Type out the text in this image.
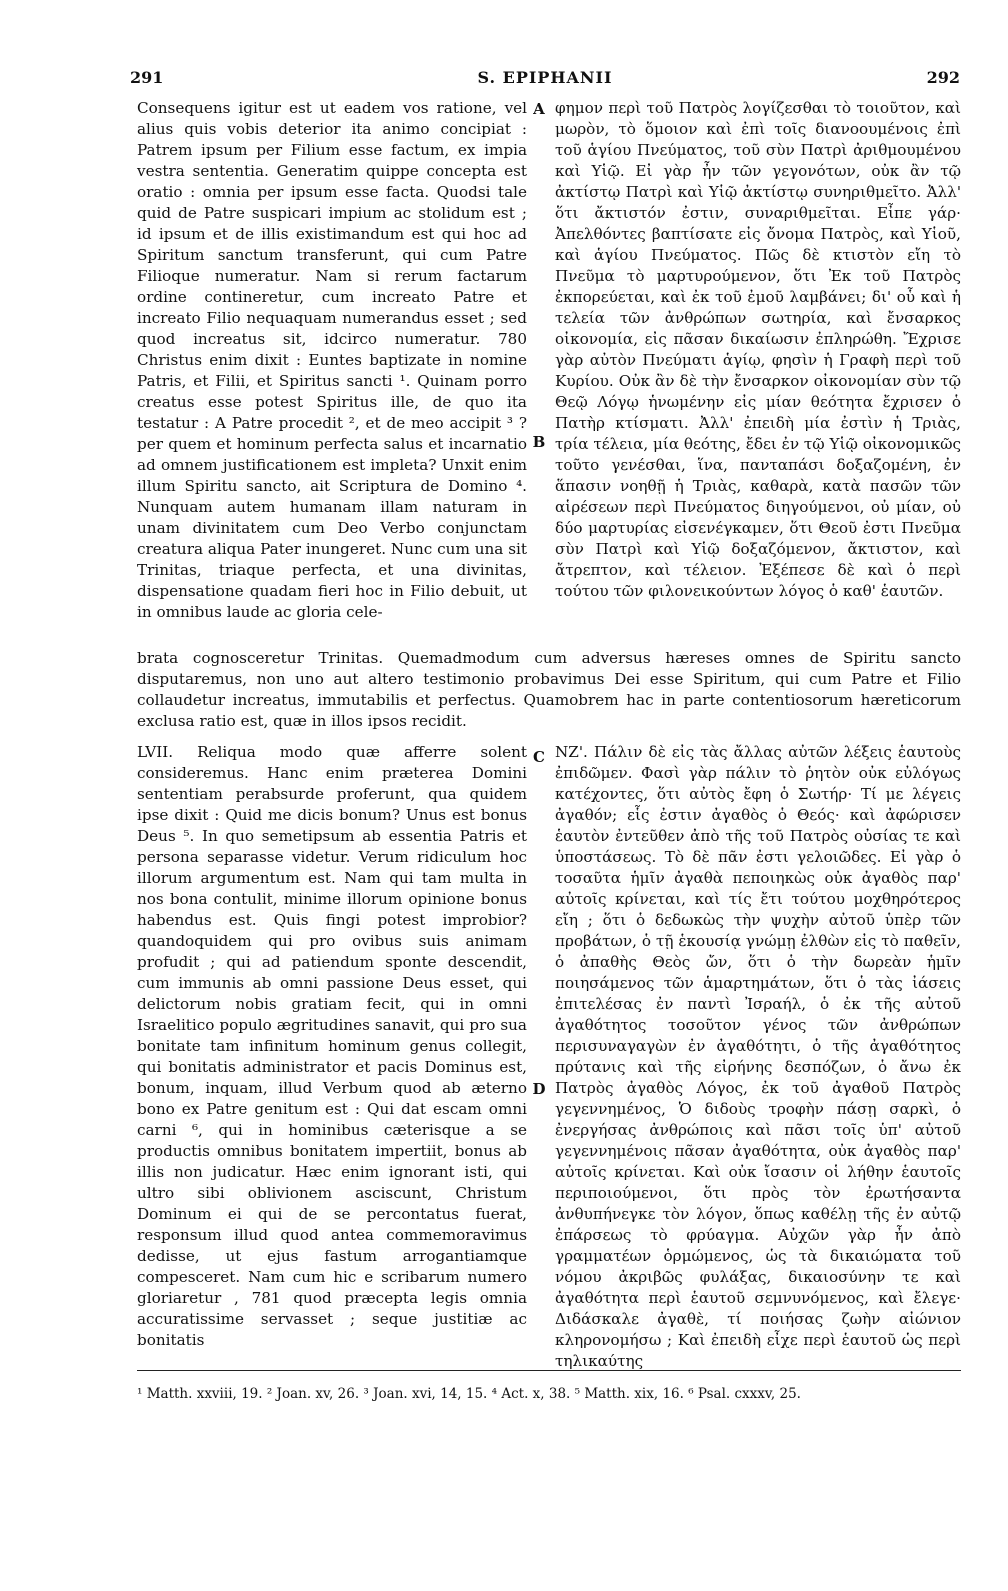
291	S. EPIPHANII	292

Consequens igitur est ut eadem vos ratione, vel alius quis vobis deterior ita animo concipiat : Patrem ipsum per Filium esse factum, ex impia vestra sententia. Generatim quippe concepta est oratio : omnia per ipsum esse facta. Quodsi tale quid de Patre suspicari impium ac stolidum est ; id ipsum et de illis existimandum est qui hoc ad Spiritum sanctum transferunt, qui cum Patre Filioque numeratur. Nam si rerum factarum ordine contineretur, cum increato Patre et increato Filio nequaquam numerandus esset ; sed quod increatus sit, idcirco numeratur. 780 Christus enim dixit : Euntes baptizate in nomine Patris, et Filii, et Spiritus sancti ¹. Quinam porro creatus esse potest Spiritus ille, de quo ita testatur : A Patre procedit ², et de meo accipit ³ ? per quem et hominum perfecta salus et incarnatio ad omnem justificationem est impleta? Unxit enim illum Spiritu sancto, ait Scriptura de Domino ⁴. Nunquam autem humanam illam naturam in unam divinitatem cum Deo Verbo conjunctam creatura aliqua Pater inungeret. Nunc cum una sit Trinitas, triaque perfecta, et una divinitas, dispensatione quadam fieri hoc in Filio debuit, ut in omnibus laude ac gloria cele-

φημον περὶ τοῦ Πατρὸς λογίζεσθαι τὸ τοιοῦτον, καὶ μωρὸν, τὸ ὅμοιον καὶ ἐπὶ τοῖς διανοουμένοις ἐπὶ τοῦ ἁγίου Πνεύματος, τοῦ σὺν Πατρὶ ἀριθμουμένου καὶ Υἱῷ. Εἰ γὰρ ἦν τῶν γεγονότων, οὐκ ἂν τῷ ἀκτίστῳ Πατρὶ καὶ Υἱῷ ἀκτίστῳ συνηριθμεῖτο. Ἀλλ' ὅτι ἄκτιστόν ἐστιν, συναριθμεῖται. Εἶπε γάρ· Ἀπελθόντες βαπτίσατε εἰς ὄνομα Πατρὸς, καὶ Υἱοῦ, καὶ ἁγίου Πνεύματος. Πῶς δὲ κτιστὸν εἴη τὸ Πνεῦμα τὸ μαρτυρούμενον, ὅτι Ἐκ τοῦ Πατρὸς ἐκπορεύεται, καὶ ἐκ τοῦ ἐμοῦ λαμβάνει; δι' οὗ καὶ ἡ τελεία τῶν ἀνθρώπων σωτηρία, καὶ ἔνσαρκος οἰκονομία, εἰς πᾶσαν δικαίωσιν ἐπληρώθη. Ἔχρισε γὰρ αὐτὸν Πνεύματι ἁγίῳ, φησὶν ἡ Γραφὴ περὶ τοῦ Κυρίου. Οὐκ ἂν δὲ τὴν ἔνσαρκον οἰκονομίαν σὺν τῷ Θεῷ Λόγῳ ἡνωμένην εἰς μίαν θεότητα ἔχρισεν ὁ Πατὴρ κτίσματι. Ἀλλ' ἐπειδὴ μία ἐστὶν ἡ Τριὰς, τρία τέλεια, μία θεότης, ἔδει ἐν τῷ Υἱῷ οἰκονομικῶς τοῦτο γενέσθαι, ἵνα, πανταπάσι δοξαζομένη, ἐν ἅπασιν νοηθῇ ἡ Τριὰς, καθαρὰ, κατὰ πασῶν τῶν αἱρέσεων περὶ Πνεύματος διηγούμενοι, οὐ μίαν, οὐ δύο μαρτυρίας εἰσενέγκαμεν, ὅτι Θεοῦ ἐστι Πνεῦμα σὺν Πατρὶ καὶ Υἱῷ δοξαζόμενον, ἄκτιστον, καὶ ἄτρεπτον, καὶ τέλειον. Ἐξέπεσε δὲ καὶ ὁ περὶ τούτου τῶν φιλονεικούντων λόγος ὁ καθ' ἑαυτῶν.

brata cognosceretur Trinitas. Quemadmodum cum adversus hæreses omnes de Spiritu sancto disputaremus, non uno aut altero testimonio probavimus Dei esse Spiritum, qui cum Patre et Filio collaudetur increatus, immutabilis et perfectus. Quamobrem hac in parte contentiosorum hæreticorum exclusa ratio est, quæ in illos ipsos recidit.

LVII. Reliqua modo quæ afferre solent consideremus. Hanc enim præterea Domini sententiam perabsurde proferunt, qua quidem ipse dixit : Quid me dicis bonum? Unus est bonus Deus ⁵. In quo semetipsum ab essentia Patris et persona separasse videtur. Verum ridiculum hoc illorum argumentum est. Nam qui tam multa in nos bona contulit, minime illorum opinione bonus habendus est. Quis fingi potest improbior? quandoquidem qui pro ovibus suis animam profudit ; qui ad patiendum sponte descendit, cum immunis ab omni passione Deus esset, qui delictorum nobis gratiam fecit, qui in omni Israelitico populo ægritudines sanavit, qui pro sua bonitate tam infinitum hominum genus collegit, qui bonitatis administrator et pacis Dominus est, bonum, inquam, illud Verbum quod ab æterno bono ex Patre genitum est : Qui dat escam omni carni ⁶, qui in hominibus cæterisque a se productis omnibus bonitatem impertiit, bonus ab illis non judicatur. Hæc enim ignorant isti, qui ultro sibi oblivionem asciscunt, Christum Dominum ei qui de se percontatus fuerat, responsum illud quod antea commemoravimus dedisse, ut ejus fastum arrogantiamque compesceret. Nam cum hic e scribarum numero gloriaretur , 781 quod præcepta legis omnia accuratissime servasset ; seque justitiæ ac bonitatis

ΝΖ'. Πάλιν δὲ εἰς τὰς ἄλλας αὐτῶν λέξεις ἑαυτοὺς ἐπιδῶμεν. Φασὶ γὰρ πάλιν τὸ ῥητὸν οὐκ εὐλόγως κατέχοντες, ὅτι αὐτὸς ἔφη ὁ Σωτήρ· Τί με λέγεις ἀγαθόν; εἷς ἐστιν ἀγαθὸς ὁ Θεός· καὶ ἀφώρισεν ἑαυτὸν ἐντεῦθεν ἀπὸ τῆς τοῦ Πατρὸς οὐσίας τε καὶ ὑποστάσεως. Τὸ δὲ πᾶν ἐστι γελοιῶδες. Εἰ γὰρ ὁ τοσαῦτα ἡμῖν ἀγαθὰ πεποιηκὼς οὐκ ἀγαθὸς παρ' αὐτοῖς κρίνεται, καὶ τίς ἔτι τούτου μοχθηρότερος εἴη ; ὅτι ὁ δεδωκὼς τὴν ψυχὴν αὐτοῦ ὑπὲρ τῶν προβάτων, ὁ τῇ ἑκουσίᾳ γνώμῃ ἐλθὼν εἰς τὸ παθεῖν, ὁ ἀπαθὴς Θεὸς ὤν, ὅτι ὁ τὴν δωρεὰν ἡμῖν ποιησάμενος τῶν ἁμαρτημάτων, ὅτι ὁ τὰς ἰάσεις ἐπιτελέσας ἐν παντὶ Ἰσραήλ, ὁ ἐκ τῆς αὐτοῦ ἀγαθότητος τοσοῦτον γένος τῶν ἀνθρώπων περισυναγαγὼν ἐν ἀγαθότητι, ὁ τῆς ἀγαθότητος πρύτανις καὶ τῆς εἰρήνης δεσπόζων, ὁ ἄνω ἐκ Πατρὸς ἀγαθὸς Λόγος, ἐκ τοῦ ἀγαθοῦ Πατρὸς γεγεννημένος, Ὁ διδοὺς τροφὴν πάσῃ σαρκὶ, ὁ ἐνεργήσας ἀνθρώποις καὶ πᾶσι τοῖς ὑπ' αὐτοῦ γεγεννημένοις πᾶσαν ἀγαθότητα, οὐκ ἀγαθὸς παρ' αὐτοῖς κρίνεται. Καὶ οὐκ ἴσασιν οἱ λήθην ἑαυτοῖς περιποιούμενοι, ὅτι πρὸς τὸν ἐρωτήσαντα ἀνθυπήνεγκε τὸν λόγον, ὅπως καθέλῃ τῆς ἐν αὐτῷ ἐπάρσεως τὸ φρύαγμα. Αὐχῶν γὰρ ἦν ἀπὸ γραμματέων ὁρμώμενος, ὡς τὰ δικαιώματα τοῦ νόμου ἀκριβῶς φυλάξας, δικαιοσύνην τε καὶ ἀγαθότητα περὶ ἑαυτοῦ σεμνυνόμενος, καὶ ἔλεγε· Διδάσκαλε ἀγαθὲ, τί ποιήσας ζωὴν αἰώνιον κληρονομήσω ; Καὶ ἐπειδὴ εἶχε περὶ ἑαυτοῦ ὡς περὶ τηλικαύτης

A
B
C
D
¹ Matth. xxviii, 19. ² Joan. xv, 26. ³ Joan. xvi, 14, 15. ⁴ Act. x, 38. ⁵ Matth. xix, 16. ⁶ Psal. cxxxv, 25.
